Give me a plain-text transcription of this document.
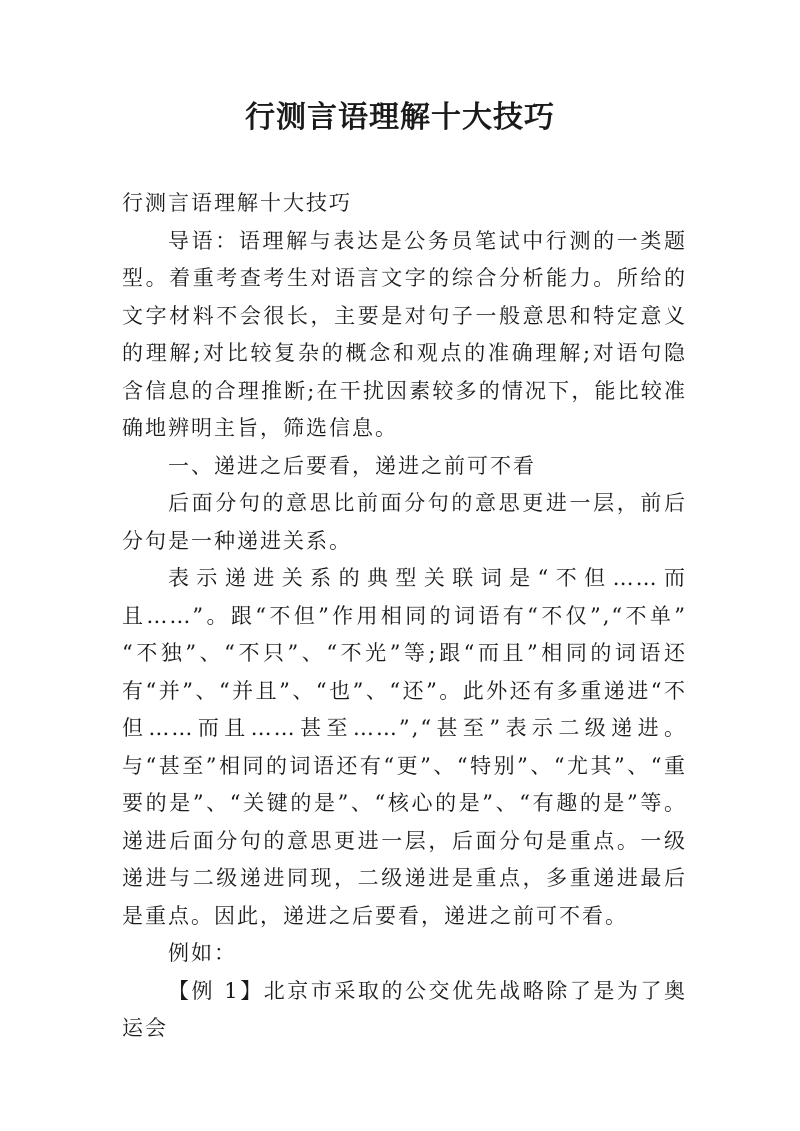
行测言语理解十大技巧

行测言语理解十大技巧

导语：语理解与表达是公务员笔试中行测的一类题型。着重考查考生对语言文字的综合分析能力。所给的文字材料不会很长，主要是对句子一般意思和特定意义的理解;对比较复杂的概念和观点的准确理解;对语句隐含信息的合理推断;在干扰因素较多的情况下，能比较准确地辨明主旨，筛选信息。

一、递进之后要看，递进之前可不看

后面分句的意思比前面分句的意思更进一层，前后分句是一种递进关系。

表示递进关系的典型关联词是“不但……而且……”。跟“不但”作用相同的词语有“不仅”,“不单” “不独”、“不只”、“不光”等;跟“而且”相同的词语还有“并”、“并且”、“也”、“还”。此外还有多重递进“不但……而且……甚至……”,“甚至”表示二级递进。与“甚至”相同的词语还有“更”、“特别”、“尤其”、“重要的是”、“关键的是”、“核心的是”、“有趣的是”等。 递进后面分句的意思更进一层，后面分句是重点。一级递进与二级递进同现，二级递进是重点，多重递进最后是重点。因此，递进之后要看，递进之前可不看。

例如：

【例 1】北京市采取的公交优先战略除了是为了奥运会
